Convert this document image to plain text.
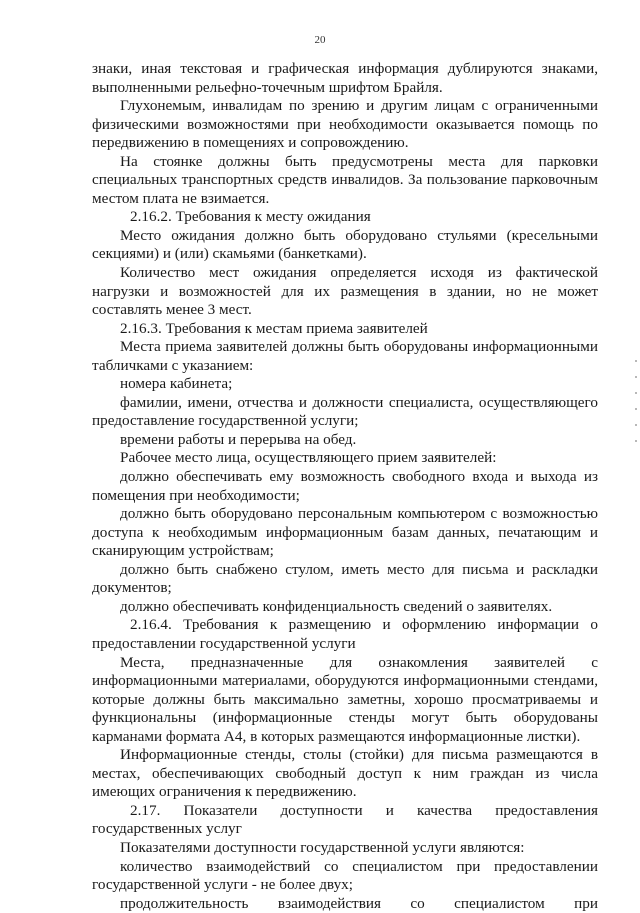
20

знаки, иная текстовая и графическая информация дублируются знаками, выполненными рельефно-точечным шрифтом Брайля.

Глухонемым, инвалидам по зрению и другим лицам с ограниченными физическими возможностями при необходимости оказывается помощь по передвижению в помещениях и сопровождению.

На стоянке должны быть предусмотрены места для парковки специальных транспортных средств инвалидов. За пользование парковочным местом плата не взимается.

2.16.2. Требования к месту ожидания

Место ожидания должно быть оборудовано стульями (кресельными секциями) и (или) скамьями (банкетками).

Количество мест ожидания определяется исходя из фактической нагрузки и возможностей для их размещения в здании, но не может составлять менее 3 мест.

2.16.3. Требования к местам приема заявителей

Места приема заявителей должны быть оборудованы информационными табличками с указанием:

номера кабинета;

фамилии, имени, отчества и должности специалиста, осуществляющего предоставление государственной услуги;

времени работы и перерыва на обед.

Рабочее место лица, осуществляющего прием заявителей:

должно обеспечивать ему возможность свободного входа и выхода из помещения при необходимости;

должно быть оборудовано персональным компьютером с возможностью доступа к необходимым информационным базам данных, печатающим и сканирующим устройствам;

должно быть снабжено стулом, иметь место для письма и раскладки документов;

должно обеспечивать конфиденциальность сведений о заявителях.

2.16.4. Требования к размещению и оформлению информации о предоставлении государственной услуги

Места, предназначенные для ознакомления заявителей с информационными материалами, оборудуются информационными стендами, которые должны быть максимально заметны, хорошо просматриваемы и функциональны (информационные стенды могут быть оборудованы карманами формата А4, в которых размещаются информационные листки).

Информационные стенды, столы (стойки) для письма размещаются в местах, обеспечивающих свободный доступ к ним граждан из числа имеющих ограничения к передвижению.

2.17. Показатели доступности и качества предоставления государственных услуг

Показателями доступности государственной услуги являются:

количество взаимодействий со специалистом при предоставлении государственной услуги - не более двух;

продолжительность взаимодействия со специалистом при
